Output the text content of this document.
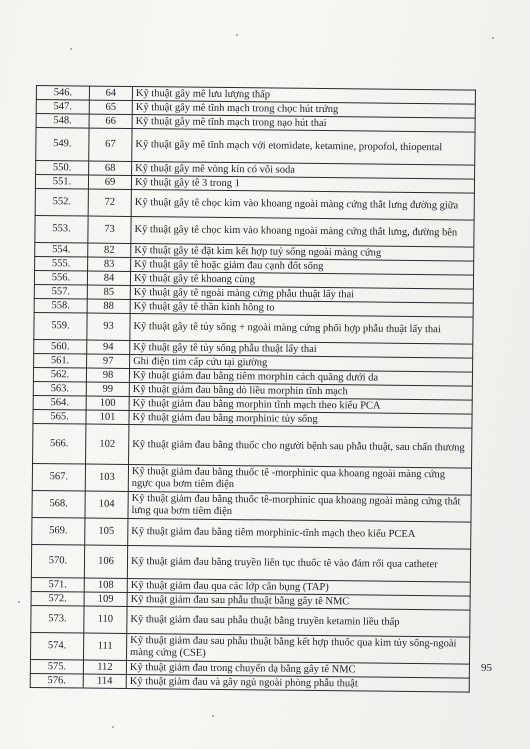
546.	64	Kỹ thuật gây mê lưu lượng thấp
547.	65	Kỹ thuật gây mê tĩnh mạch trong chọc hút trứng
548.	66	Kỹ thuật gây mê tĩnh mạch trong nạo hút thai
549.	67	Kỹ thuật gây mê tĩnh mạch với etomidate, ketamine, propofol, thiopental
550.	68	Kỹ thuật gây mê vòng kín có vôi soda
551.	69	Kỹ thuật gây tê 3 trong 1
552.	72	Kỹ thuật gây tê chọc kim vào khoang ngoài màng cứng thắt lưng đường giữa
553.	73	Kỹ thuật gây tê chọc kim vào khoang ngoài màng cứng thắt lưng, đường bên
554.	82	Kỹ thuật gây tê đặt kim kết hợp tuỷ sống ngoài màng cứng
555.	83	Kỹ thuật gây tê hoặc giảm đau cạnh đốt sống
556.	84	Kỹ thuật gây tê khoang cùng
557.	85	Kỹ thuật gây tê ngoài màng cứng phẫu thuật lấy thai
558.	88	Kỹ thuật gây tê thần kinh hông to
559.	93	Kỹ thuật gây tê tủy sống + ngoài màng cứng phối hợp phẫu thuật lấy thai
560.	94	Kỹ thuật gây tê tủy sống phẫu thuật lấy thai
561.	97	Ghi điện tim cấp cứu tại giường
562.	98	Kỹ thuật giảm đau bằng tiêm morphin cách quãng dưới da
563.	99	Kỹ thuật giảm đau bằng dò liều morphin tĩnh mạch
564.	100	Kỹ thuật giảm đau bằng morphin tĩnh mạch theo kiểu PCA
565.	101	Kỹ thuật giảm đau bằng morphinic tủy sống
566.	102	Kỹ thuật giảm đau bằng thuốc cho người bệnh sau phẫu thuật, sau chấn thương
567.	103	Kỹ thuật giảm đau bằng thuốc tê -morphinic qua khoang ngoài màng cứng ngực qua bơm tiêm điện
568.	104	Kỹ thuật giảm đau bằng thuốc tê-morphinic qua khoang ngoài màng cứng thắt lưng qua bơm tiêm điện
569.	105	Kỹ thuật giảm đau bằng tiêm morphinic-tĩnh mạch theo kiểu PCEA
570.	106	Kỹ thuật giảm đau bằng truyền liên tục thuốc tê vào đám rối qua catheter
571.	108	Kỹ thuật giảm đau qua các lớp cân bụng (TAP)
572.	109	Kỹ thuật giảm đau sau phẫu thuật bằng gây tê NMC
573.	110	Kỹ thuật giảm đau sau phẫu thuật bằng truyền ketamin liều thấp
574.	111	Kỹ thuật giảm đau sau phẫu thuật bằng kết hợp thuốc qua kim tủy sống-ngoài màng cứng (CSE)
575.	112	Kỹ thuật giảm đau trong chuyển dạ bằng gây tê NMC
576.	114	Kỹ thuật giảm đau và gây ngủ ngoài phòng phẫu thuật
95
